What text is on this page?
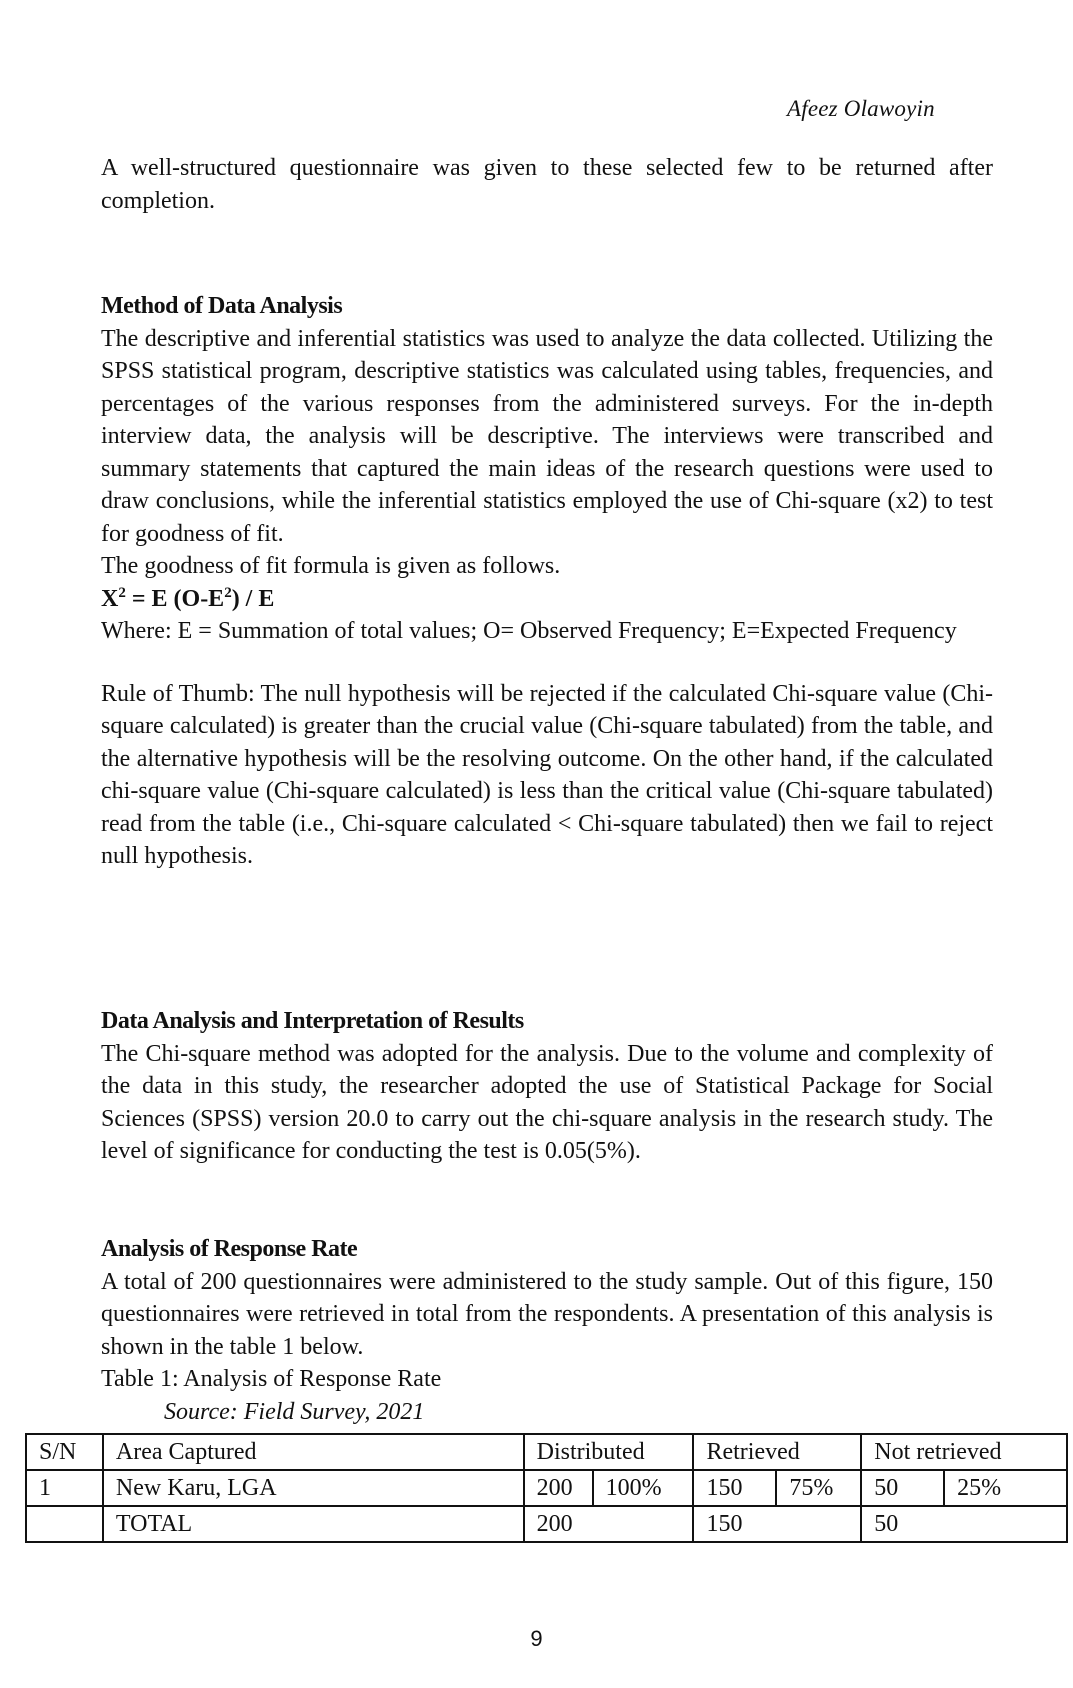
Afeez Olawoyin

A well-structured questionnaire was given to these selected few to be returned after completion.

Method of Data Analysis

The descriptive and inferential statistics was used to analyze the data collected. Utilizing the SPSS statistical program, descriptive statistics was calculated using tables, frequencies, and percentages of the various responses from the administered surveys. For the in-depth interview data, the analysis will be descriptive. The interviews were transcribed and summary statements that captured the main ideas of the research questions were used to draw conclusions, while the inferential statistics employed the use of Chi-square (x2) to test for goodness of fit.

The goodness of fit formula is given as follows.

$X^2 = E$ $(O-E^2)$ / E

Where: E = Summation of total values; O= Observed Frequency; E=Expected Frequency

Rule of Thumb: The null hypothesis will be rejected if the calculated Chi-square value (Chi-square calculated) is greater than the crucial value (Chi-square tabulated) from the table, and the alternative hypothesis will be the resolving outcome. On the other hand, if the calculated chi-square value (Chi-square calculated) is less than the critical value (Chi-square tabulated) read from the table (i.e., Chi-square calculated < Chi-square tabulated) then we fail to reject null hypothesis.

Data Analysis and Interpretation of Results

The Chi-square method was adopted for the analysis. Due to the volume and complexity of the data in this study, the researcher adopted the use of Statistical Package for Social Sciences (SPSS) version 20.0 to carry out the chi-square analysis in the research study. The level of significance for conducting the test is 0.05(5%).

Analysis of Response Rate

A total of 200 questionnaires were administered to the study sample. Out of this figure, 150 questionnaires were retrieved in total from the respondents. A presentation of this analysis is shown in the table 1 below.

Table 1: Analysis of Response Rate

Source: Field Survey, 2021

S/N	Area Captured	Distributed		Retrieved		Not retrieved	
1	New Karu, LGA	200	100%	150	75%	50	25%
	TOTAL	200		150		50	
9
